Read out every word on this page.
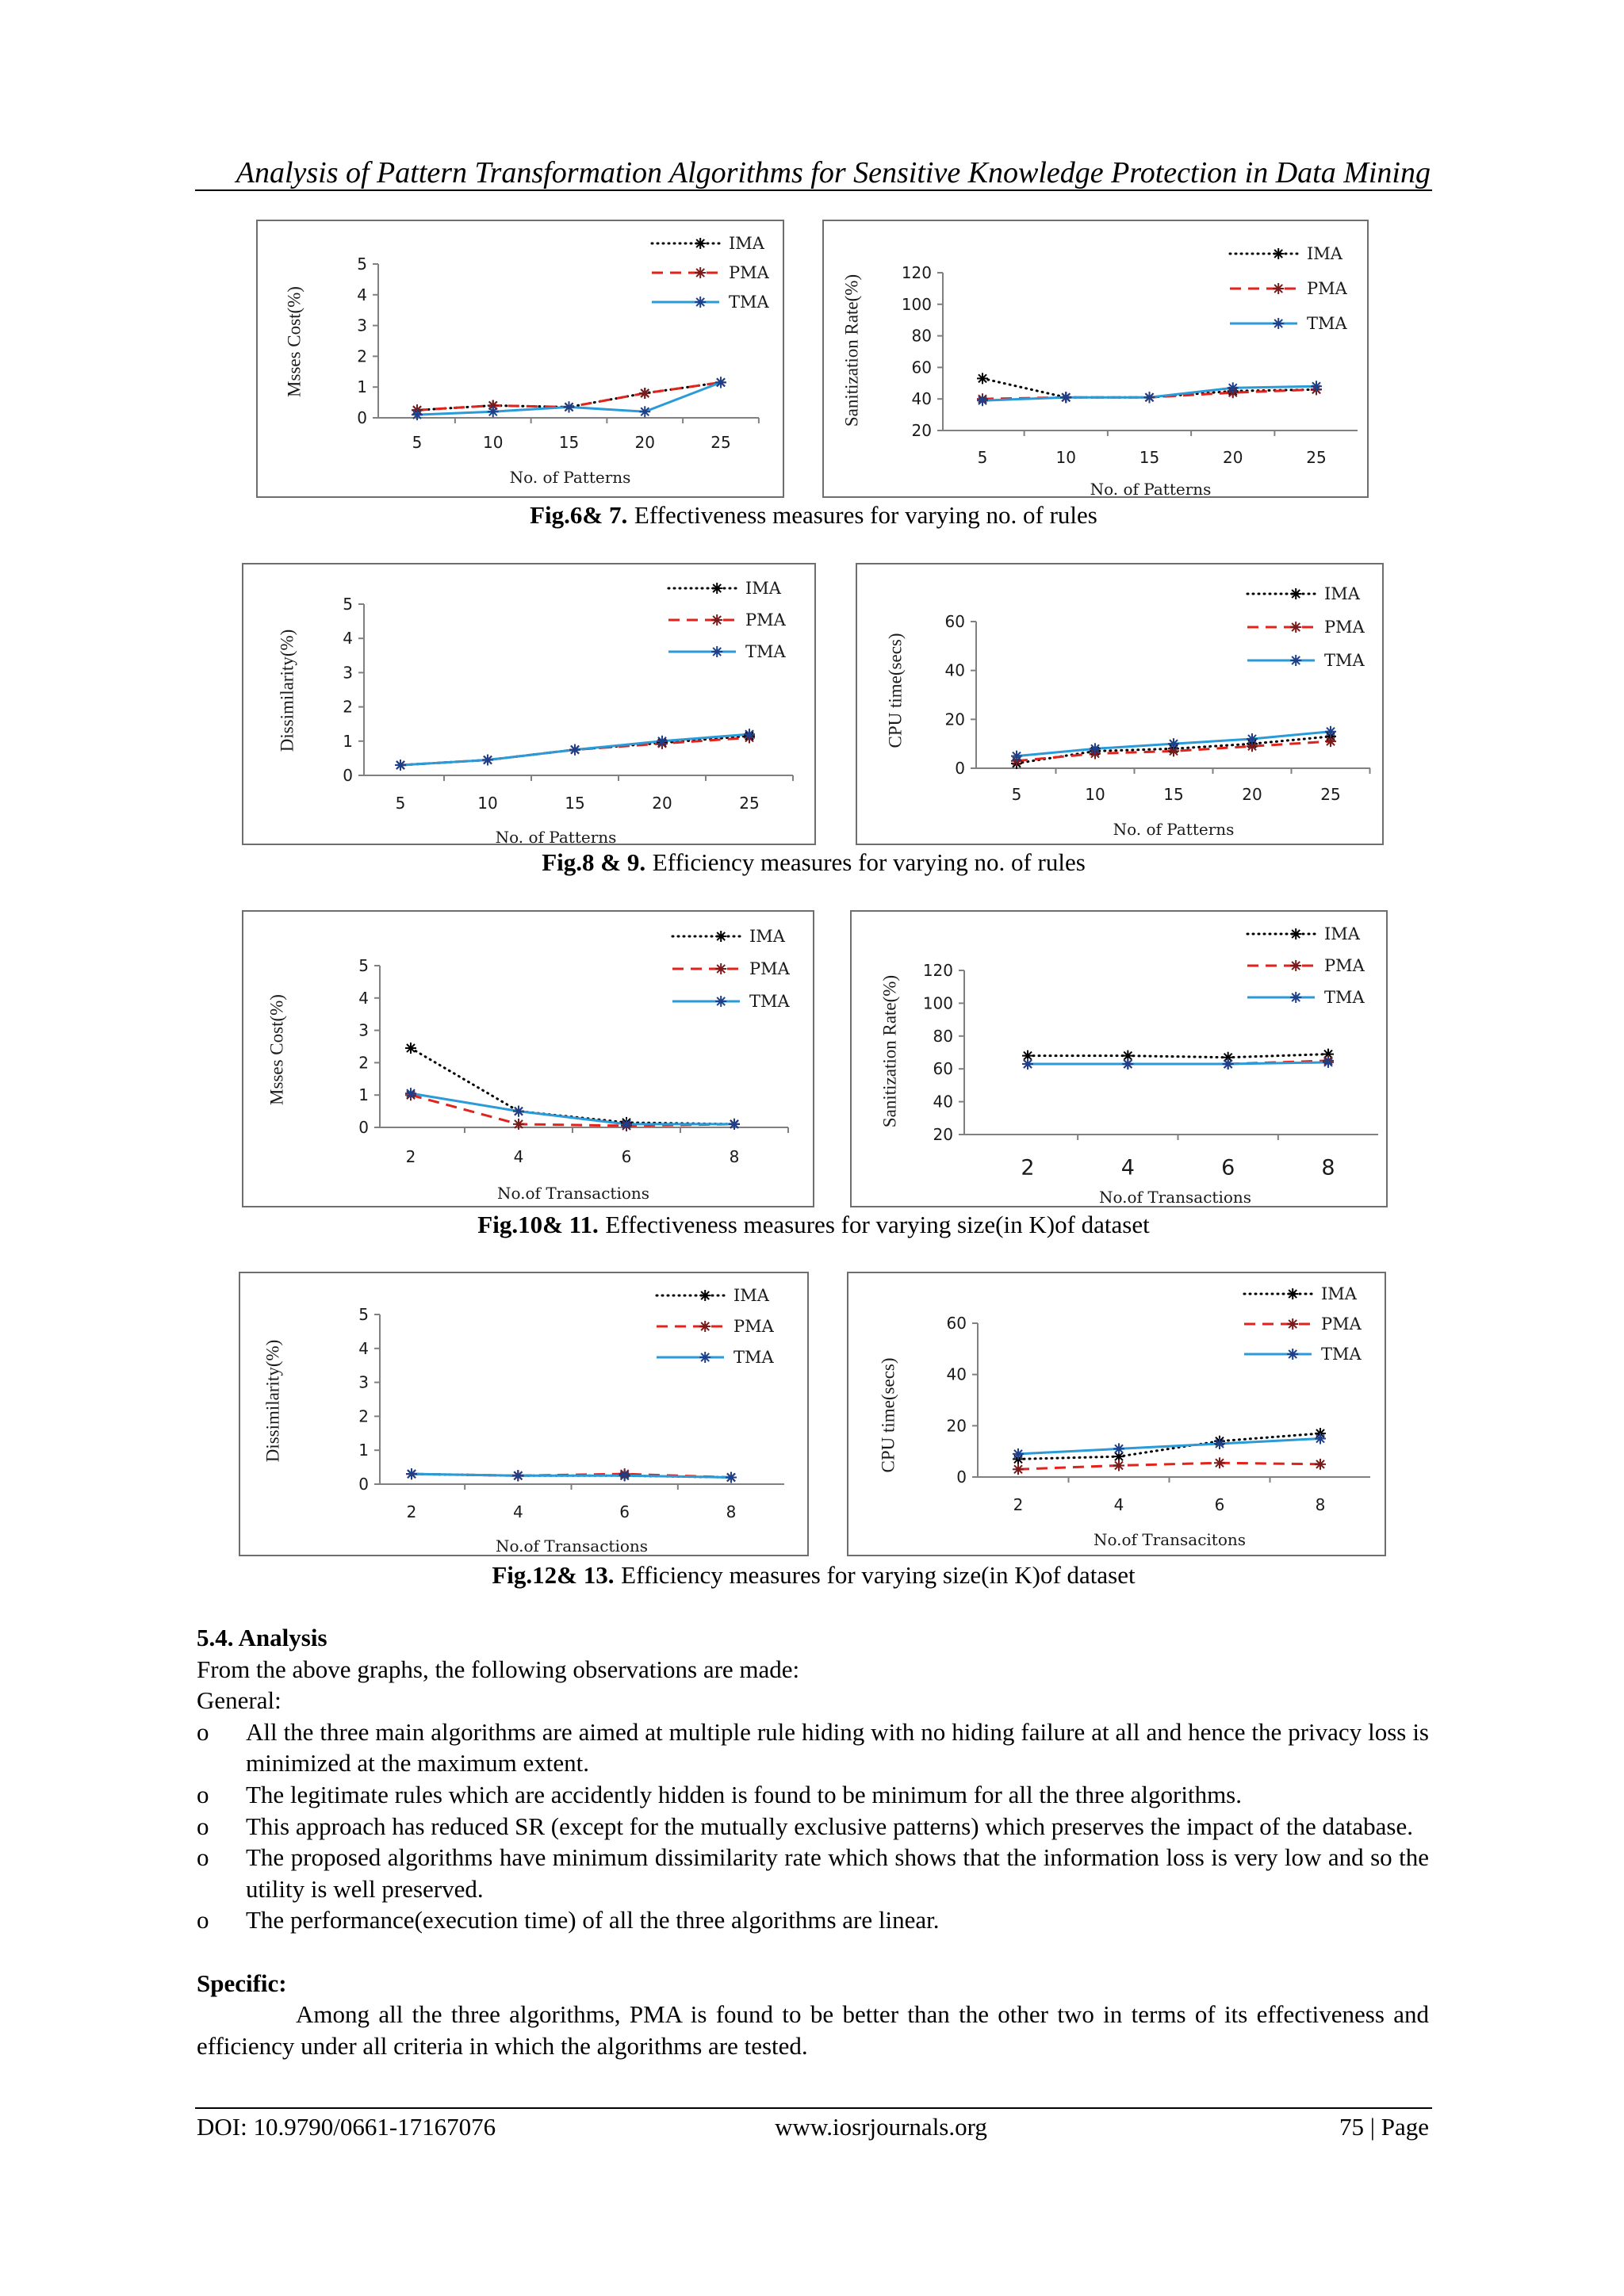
Analysis of Pattern Transformation Algorithms for Sensitive Knowledge Protection in Data Mining
0
1
2
3
4
5
5	10	15	20	25
IMA
PMA
TMA
No. of Patterns
Msses Cost(%)
20
40
60
80
100
120
5	10	15	20	25
IMA
PMA
TMA
No. of Patterns
Sanitization Rate(%)
Fig.6& 7. Effectiveness measures for varying no. of rules
0
1
2
3
4
5
5	10	15	20	25
IMA
PMA
TMA
No. of Patterns
Dissimilarity(%)
0
20
40
60
5	10	15	20	25
IMA
PMA
TMA
No. of Patterns
CPU time(secs)
Fig.8 & 9. Efficiency measures for varying no. of rules
0
1
2
3
4
5
2	4	6	8
IMA
PMA
TMA
No.of Transactions
Msses Cost(%)
20
40
60
80
100
120
2	4	6	8
IMA
PMA
TMA
No.of Transactions
Sanitization Rate(%)
Fig.10& 11. Effectiveness measures for varying size(in K)of dataset
0
1
2
3
4
5
2	4	6	8
IMA
PMA
TMA
No.of Transactions
Dissimilarity(%)
0
20
40
60
2	4	6	8
IMA
PMA
TMA
No.of Transacitons
CPU time(secs)
Fig.12& 13. Efficiency measures for varying size(in K)of dataset
5.4. Analysis
From the above graphs, the following observations are made:
General:
o	All the three main algorithms are aimed at multiple rule hiding with no hiding failure at all and hence the privacy loss is minimized at the maximum extent.
o	The legitimate rules which are accidently hidden is found to be minimum for all the three algorithms.
o	This approach has reduced SR (except for the mutually exclusive patterns) which preserves the impact of the database.
o	The proposed algorithms have minimum dissimilarity rate which shows that the information loss is very low and so the utility is well preserved.
o	The performance(execution time) of all the three algorithms are linear.
Specific:
Among all the three algorithms, PMA is found to be better than the other two in terms of its effectiveness and efficiency under all criteria in which the algorithms are tested.
DOI: 10.9790/0661-17167076	www.iosrjournals.org	75 | Page
